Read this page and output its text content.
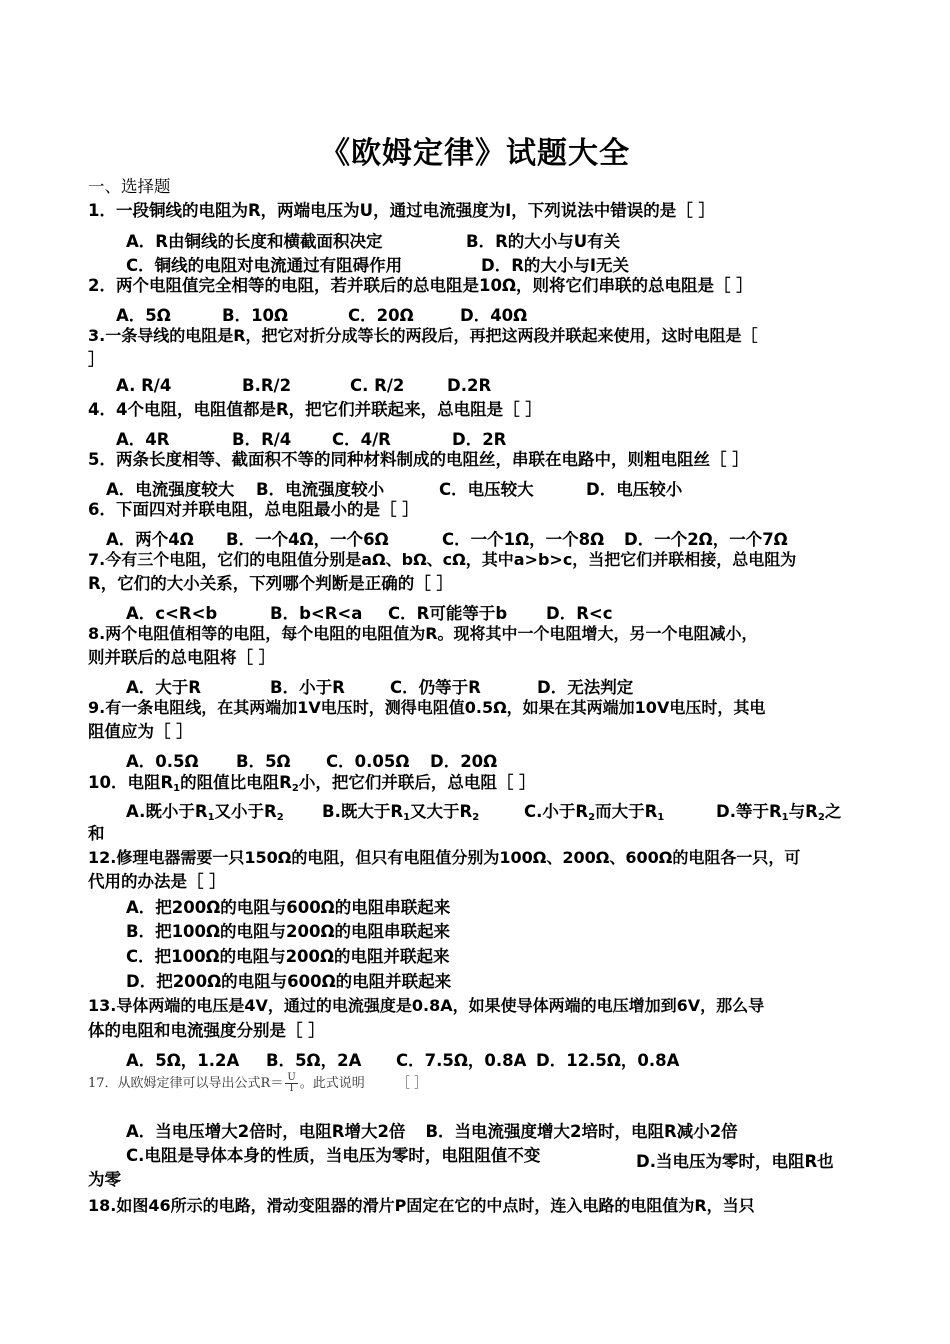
《欧姆定律》试题大全
一、选择题
1．一段铜线的电阻为R，两端电压为U，通过电流强度为I，下列说法中错误的是［ ］
A．R由铜线的长度和横截面积决定	B．R的大小与U有关
C．铜线的电阻对电流通过有阻碍作用	D．R的大小与I无关
2．两个电阻值完全相等的电阻，若并联后的总电阻是10Ω，则将它们串联的总电阻是［ ］
A．5Ω	B．10Ω	C．20Ω	D．40Ω
3.一条导线的电阻是R，把它对折分成等长的两段后，再把这两段并联起来使用，这时电阻是［
］
A. R/4	B.R/2	C. R/2	D.2R
4．4个电阻，电阻值都是R，把它们并联起来，总电阻是［ ］
A．4R	B．R/4 C．4/R	D．2R
5．两条长度相等、截面积不等的同种材料制成的电阻丝，串联在电路中，则粗电阻丝［ ］
A．电流强度较大 B．电流强度较小	C．电压较大	D．电压较小
6．下面四对并联电阻，总电阻最小的是［ ］
A．两个4Ω B．一个4Ω，一个6Ω	C．一个1Ω，一个8Ω D．一个2Ω，一个7Ω
7.今有三个电阻，它们的电阻值分别是aΩ、bΩ、cΩ，其中a>b>c，当把它们并联相接，总电阻为
R，它们的大小关系，下列哪个判断是正确的［ ］
A．c<R<b	B．b<R<a C．R可能等于b D．R<c
8.两个电阻值相等的电阻，每个电阻的电阻值为R。现将其中一个电阻增大，另一个电阻减小，
则并联后的总电阻将［ ］
A．大于R	B．小于R	C．仍等于R	D．无法判定
9.有一条电阻线，在其两端加1V电压时，测得电阻值0.5Ω，如果在其两端加10V电压时，其电
阻值应为［ ］
A．0.5Ω B．5Ω C．0.05Ω D．20Ω
10．电阻$R_1$的阻值比电阻$R_2$小，把它们并联后，总电阻［ ］
A.既小于$R_1$又小于$R_2$ B.既大于$R_1$又大于$R_2$	C.小于$R_2$而大于$R_1$	D.等于$R_1$与$R_2$之
和
12.修理电器需要一只150Ω的电阻，但只有电阻值分别为100Ω、200Ω、600Ω的电阻各一只，可
代用的办法是［ ］
A．把200Ω的电阻与600Ω的电阻串联起来
B．把100Ω的电阻与200Ω的电阻串联起来
C．把100Ω的电阻与200Ω的电阻并联起来
D．把200Ω的电阻与600Ω的电阻并联起来
13.导体两端的电压是4V，通过的电流强度是0.8A，如果使导体两端的电压增加到6V，那么导
体的电阻和电流强度分别是［ ］
A．5Ω，1.2A B．5Ω，2A C．7.5Ω，0.8A D．12.5Ω，0.8A
17．从欧姆定律可以导出公式$R= \frac{U}{I}$ 。此式说明 ［ ］
A．当电压增大2倍时，电阻R增大2倍 B．当电流强度增大2培时，电阻R减小2倍
C.电阻是导体本身的性质，当电压为零时，电阻阻值不变	D.当电压为零时，电阻R也
为零
18.如图46所示的电路，滑动变阻器的滑片P固定在它的中点时，连入电路的电阻值为R，当只
